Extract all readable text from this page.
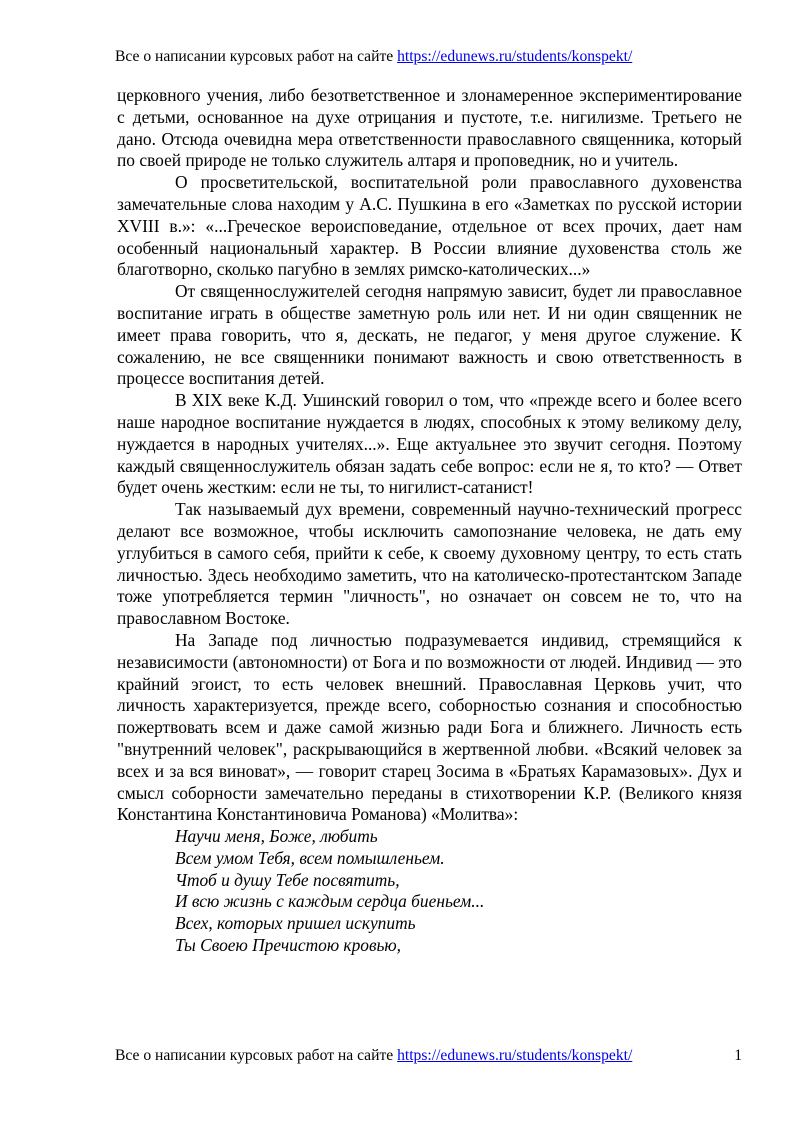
Все о написании курсовых работ на сайте https://edunews.ru/students/konspekt/

церковного учения, либо безответственное и злонамеренное экспериментирование с детьми, основанное на духе отрицания и пустоте, т.е. нигилизме. Третьего не дано. Отсюда очевидна мера ответственности православного священника, который по своей природе не только служитель алтаря и проповедник, но и учитель.

О просветительской, воспитательной роли православного духовенства замечательные слова находим у А.С. Пушкина в его «Заметках по русской истории XVIII в.»: «...Греческое вероисповедание, отдельное от всех прочих, дает нам особенный национальный характер. В России влияние духовенства столь же благотворно, сколько пагубно в землях римско-католических...»

От священнослужителей сегодня напрямую зависит, будет ли православное воспитание играть в обществе заметную роль или нет. И ни один священник не имеет права говорить, что я, дескать, не педагог, у меня другое служение. К сожалению, не все священники понимают важность и свою ответственность в процессе воспитания детей.

В XIX веке К.Д. Ушинский говорил о том, что «прежде всего и более всего наше народное воспитание нуждается в людях, способных к этому великому делу, нуждается в народных учителях...». Еще актуальнее это звучит сегодня. Поэтому каждый священнослужитель обязан задать себе вопрос: если не я, то кто? — Ответ будет очень жестким: если не ты, то нигилист-сатанист!

Так называемый дух времени, современный научно-технический прогресс делают все возможное, чтобы исключить самопознание человека, не дать ему углубиться в самого себя, прийти к себе, к своему духовному центру, то есть стать личностью. Здесь необходимо заметить, что на католическо-протестантском Западе тоже употребляется термин "личность", но означает он совсем не то, что на православном Востоке.

На Западе под личностью подразумевается индивид, стремящийся к независимости (автономности) от Бога и по возможности от людей. Индивид — это крайний эгоист, то есть человек внешний. Православная Церковь учит, что личность характеризуется, прежде всего, соборностью сознания и способностью пожертвовать всем и даже самой жизнью ради Бога и ближнего. Личность есть "внутренний человек", раскрывающийся в жертвенной любви. «Всякий человек за всех и за вся виноват», — говорит старец Зосима в «Братьях Карамазовых». Дух и смысл соборности замечательно переданы в стихотворении К.Р. (Великого князя Константина Константиновича Романова) «Молитва»:

Научи меня, Боже, любить

Всем умом Тебя, всем помышленьем.

Чтоб и душу Тебе посвятить,

И всю жизнь с каждым сердца биеньем...

Всех, которых пришел искупить

Ты Своею Пречистою кровью,

Все о написании курсовых работ на сайте https://edunews.ru/students/konspekt/	1
